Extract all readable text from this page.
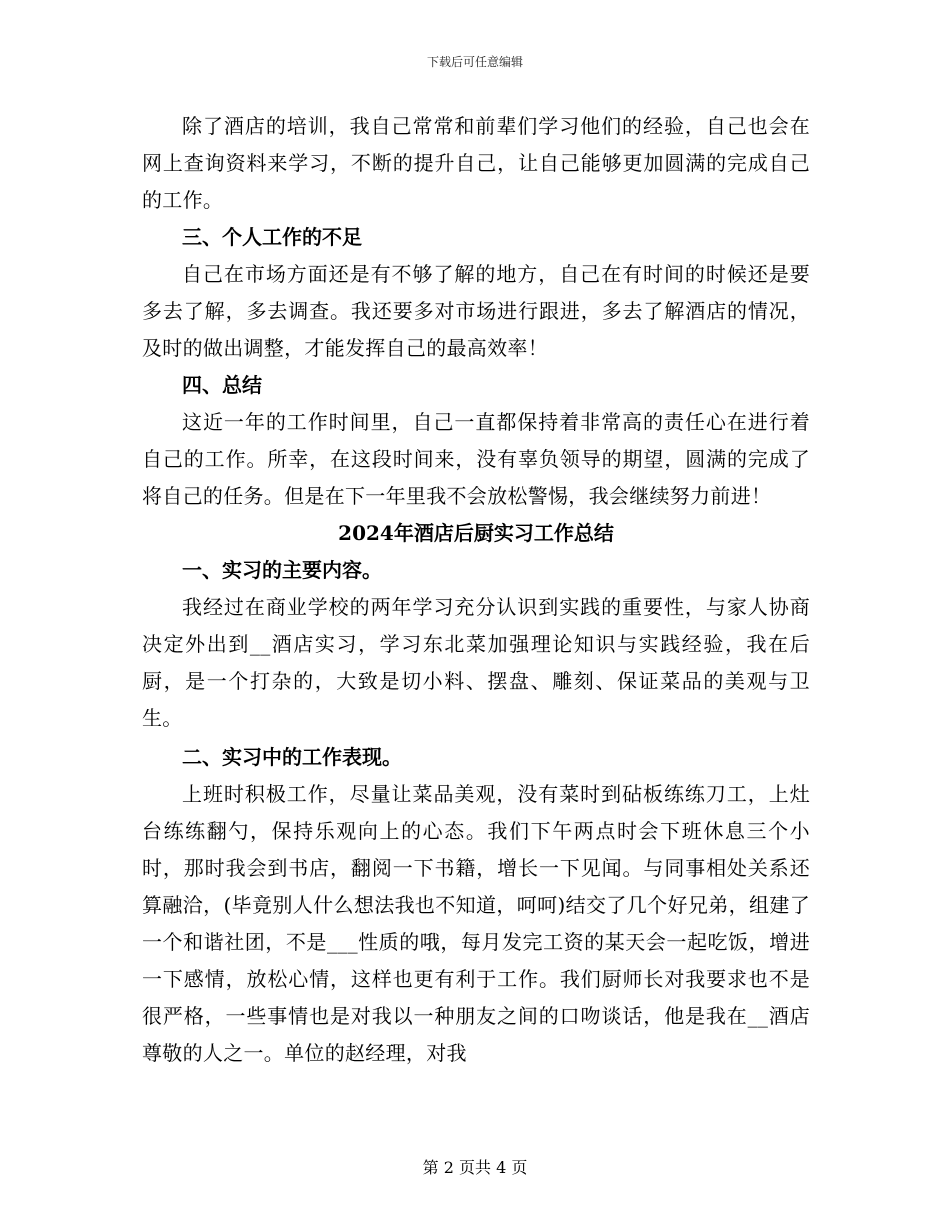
下载后可任意编辑

除了酒店的培训，我自己常常和前辈们学习他们的经验，自己也会在网上查询资料来学习，不断的提升自己，让自己能够更加圆满的完成自己的工作。

三、个人工作的不足

自己在市场方面还是有不够了解的地方，自己在有时间的时候还是要多去了解，多去调查。我还要多对市场进行跟进，多去了解酒店的情况，及时的做出调整，才能发挥自己的最高效率！

四、总结

这近一年的工作时间里，自己一直都保持着非常高的责任心在进行着自己的工作。所幸，在这段时间来，没有辜负领导的期望，圆满的完成了将自己的任务。但是在下一年里我不会放松警惕，我会继续努力前进！

2024年酒店后厨实习工作总结

一、实习的主要内容。

我经过在商业学校的两年学习充分认识到实践的重要性，与家人协商决定外出到__酒店实习，学习东北菜加强理论知识与实践经验，我在后厨，是一个打杂的，大致是切小料、摆盘、雕刻、保证菜品的美观与卫生。

二、实习中的工作表现。

上班时积极工作，尽量让菜品美观，没有菜时到砧板练练刀工，上灶台练练翻勺，保持乐观向上的心态。我们下午两点时会下班休息三个小时，那时我会到书店，翻阅一下书籍，增长一下见闻。与同事相处关系还算融洽，(毕竟别人什么想法我也不知道，呵呵)结交了几个好兄弟，组建了一个和谐社团，不是___性质的哦，每月发完工资的某天会一起吃饭，增进一下感情，放松心情，这样也更有利于工作。我们厨师长对我要求也不是很严格，一些事情也是对我以一种朋友之间的口吻谈话，他是我在__酒店尊敬的人之一。单位的赵经理，对我

第 2 页共 4 页
